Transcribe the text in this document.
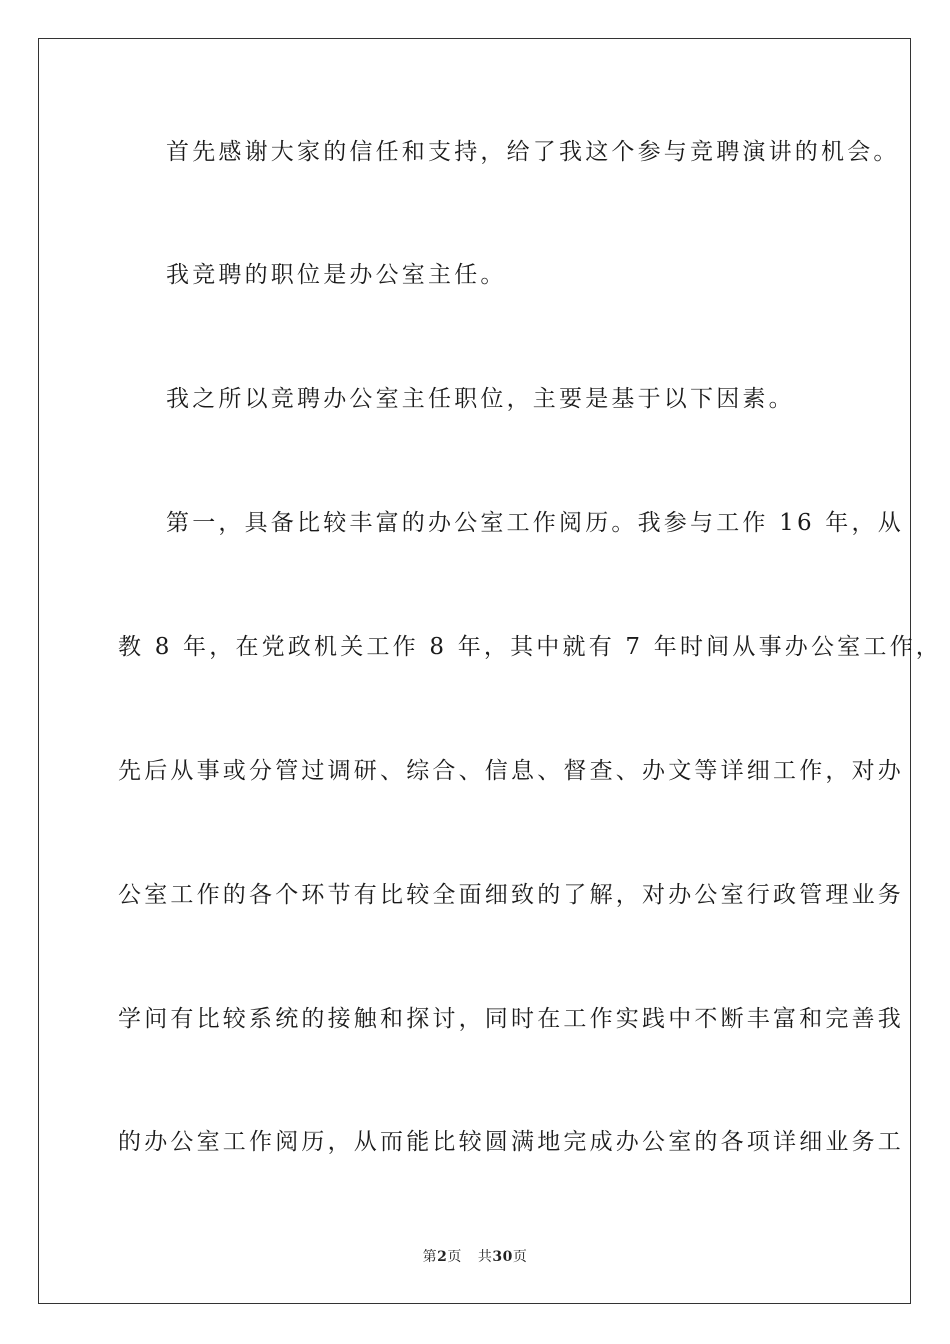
首先感谢大家的信任和支持，给了我这个参与竞聘演讲的机会。
我竞聘的职位是办公室主任。
我之所以竞聘办公室主任职位，主要是基于以下因素。
第一，具备比较丰富的办公室工作阅历。我参与工作 16 年，从
教 8 年，在党政机关工作 8 年，其中就有 7 年时间从事办公室工作，
先后从事或分管过调研、综合、信息、督查、办文等详细工作，对办
公室工作的各个环节有比较全面细致的了解，对办公室行政管理业务
学问有比较系统的接触和探讨，同时在工作实践中不断丰富和完善我
的办公室工作阅历，从而能比较圆满地完成办公室的各项详细业务工
第2页 共30页
